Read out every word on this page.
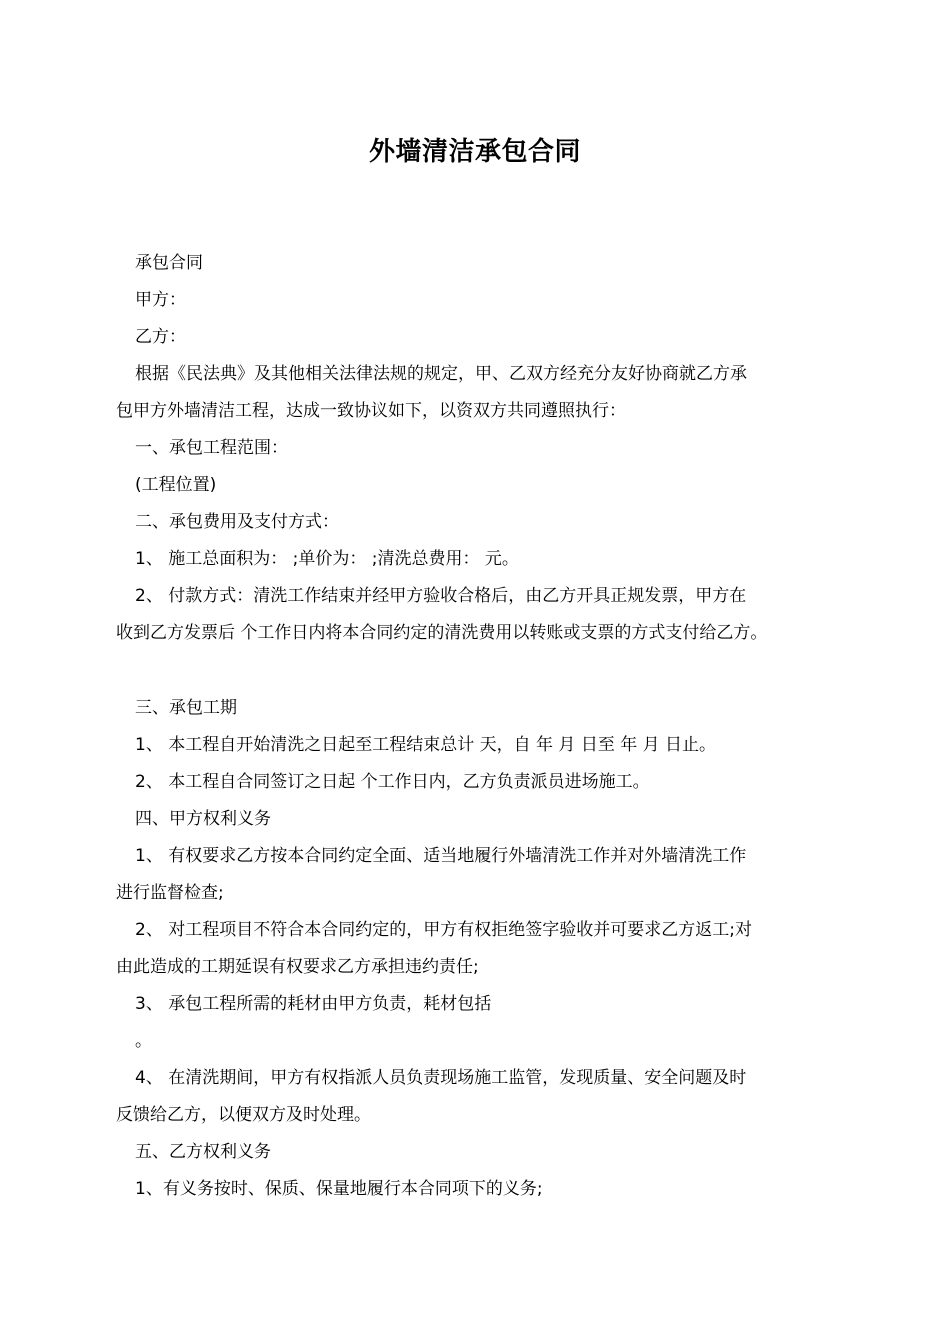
外墙清洁承包合同
承包合同
甲方：
乙方：
根据《民法典》及其他相关法律法规的规定，甲、乙双方经充分友好协商就乙方承
包甲方外墙清洁工程，达成一致协议如下，以资双方共同遵照执行：
一、承包工程范围：
(工程位置)
二、承包费用及支付方式：
1、 施工总面积为： ;单价为： ;清洗总费用： 元。
2、 付款方式：清洗工作结束并经甲方验收合格后，由乙方开具正规发票，甲方在
收到乙方发票后 个工作日内将本合同约定的清洗费用以转账或支票的方式支付给乙方。
三、承包工期
1、 本工程自开始清洗之日起至工程结束总计 天，自 年 月 日至 年 月 日止。
2、 本工程自合同签订之日起 个工作日内，乙方负责派员进场施工。
四、甲方权利义务
1、 有权要求乙方按本合同约定全面、适当地履行外墙清洗工作并对外墙清洗工作
进行监督检查;
2、 对工程项目不符合本合同约定的，甲方有权拒绝签字验收并可要求乙方返工;对
由此造成的工期延误有权要求乙方承担违约责任;
3、 承包工程所需的耗材由甲方负责，耗材包括
。
4、 在清洗期间，甲方有权指派人员负责现场施工监管，发现质量、安全问题及时
反馈给乙方，以便双方及时处理。
五、乙方权利义务
1、有义务按时、保质、保量地履行本合同项下的义务;
